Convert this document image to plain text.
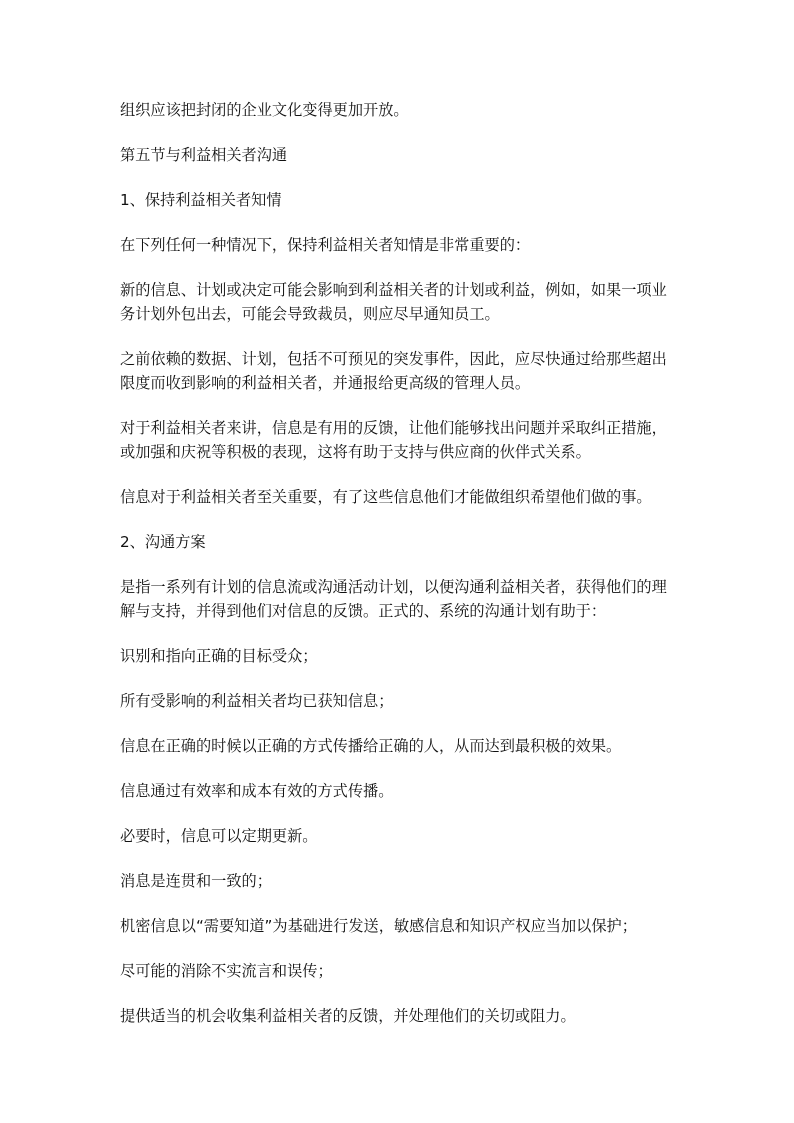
组织应该把封闭的企业文化变得更加开放。

第五节与利益相关者沟通

1、保持利益相关者知情

在下列任何一种情况下，保持利益相关者知情是非常重要的：

新的信息、计划或决定可能会影响到利益相关者的计划或利益，例如，如果一项业务计划外包出去，可能会导致裁员，则应尽早通知员工。

之前依赖的数据、计划，包括不可预见的突发事件，因此，应尽快通过给那些超出限度而收到影响的利益相关者，并通报给更高级的管理人员。

对于利益相关者来讲，信息是有用的反馈，让他们能够找出问题并采取纠正措施，或加强和庆祝等积极的表现，这将有助于支持与供应商的伙伴式关系。

信息对于利益相关者至关重要，有了这些信息他们才能做组织希望他们做的事。

2、沟通方案

是指一系列有计划的信息流或沟通活动计划，以便沟通利益相关者，获得他们的理解与支持，并得到他们对信息的反馈。正式的、系统的沟通计划有助于：

识别和指向正确的目标受众；

所有受影响的利益相关者均已获知信息；

信息在正确的时候以正确的方式传播给正确的人，从而达到最积极的效果。

信息通过有效率和成本有效的方式传播。

必要时，信息可以定期更新。

消息是连贯和一致的；

机密信息以“需要知道”为基础进行发送，敏感信息和知识产权应当加以保护；

尽可能的消除不实流言和误传；

提供适当的机会收集利益相关者的反馈，并处理他们的关切或阻力。
